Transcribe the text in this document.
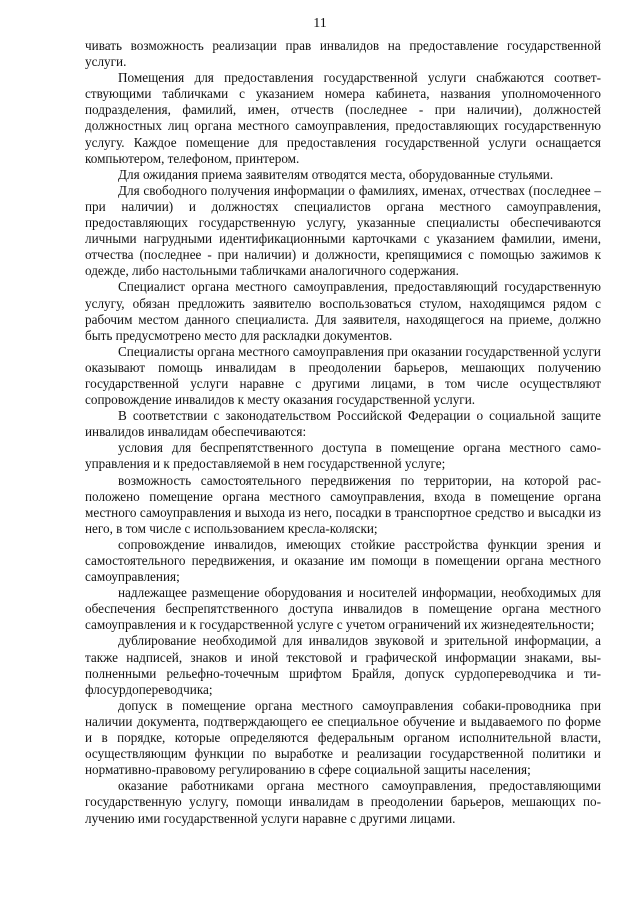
11

чивать возможность реализации прав инвалидов на предоставление государственной услуги.

Помещения для предоставления государственной услуги снабжаются соответствующими табличками с указанием номера кабинета, названия уполномоченного подразделения, фамилий, имен, отчеств (последнее - при наличии), должностей должностных лиц органа местного самоуправления, предоставляющих государственную услугу. Каждое помещение для предоставления государственной услуги оснащается компьютером, телефоном, принтером.

Для ожидания приема заявителям отводятся места, оборудованные стульями.

Для свободного получения информации о фамилиях, именах, отчествах (последнее – при наличии) и должностях специалистов органа местного самоуправления, предоставляющих государственную услугу, указанные специалисты обеспечиваются личными нагрудными идентификационными карточками с указанием фамилии, имени, отчества (последнее - при наличии) и должности, крепящимися с помощью зажимов к одежде, либо настольными табличками аналогичного содержания.

Специалист органа местного самоуправления, предоставляющий государственную услугу, обязан предложить заявителю воспользоваться стулом, находящимся рядом с рабочим местом данного специалиста. Для заявителя, находящегося на приеме, должно быть предусмотрено место для раскладки документов.

Специалисты органа местного самоуправления при оказании государственной услуги оказывают помощь инвалидам в преодолении барьеров, мешающих получению государственной услуги наравне с другими лицами, в том числе осуществляют сопровождение инвалидов к месту оказания государственной услуги.

В соответствии с законодательством Российской Федерации о социальной защите инвалидов инвалидам обеспечиваются:

условия для беспрепятственного доступа в помещение органа местного самоуправления и к предоставляемой в нем государственной услуге;

возможность самостоятельного передвижения по территории, на которой расположено помещение органа местного самоуправления, входа в помещение органа местного самоуправления и выхода из него, посадки в транспортное средство и высадки из него, в том числе с использованием кресла-коляски;

сопровождение инвалидов, имеющих стойкие расстройства функции зрения и самостоятельного передвижения, и оказание им помощи в помещении органа местного самоуправления;

надлежащее размещение оборудования и носителей информации, необходимых для обеспечения беспрепятственного доступа инвалидов в помещение органа местного самоуправления и к государственной услуге с учетом ограничений их жизнедеятельности;

дублирование необходимой для инвалидов звуковой и зрительной информации, а также надписей, знаков и иной текстовой и графической информации знаками, выполненными рельефно-точечным шрифтом Брайля, допуск сурдопереводчика и тифлосурдопереводчика;

допуск в помещение органа местного самоуправления собаки-проводника при наличии документа, подтверждающего ее специальное обучение и выдаваемого по форме и в порядке, которые определяются федеральным органом исполнительной власти, осуществляющим функции по выработке и реализации государственной политики и нормативно-правовому регулированию в сфере социальной защиты населения;

оказание работниками органа местного самоуправления, предоставляющими государственную услугу, помощи инвалидам в преодолении барьеров, мешающих получению ими государственной услуги наравне с другими лицами.
